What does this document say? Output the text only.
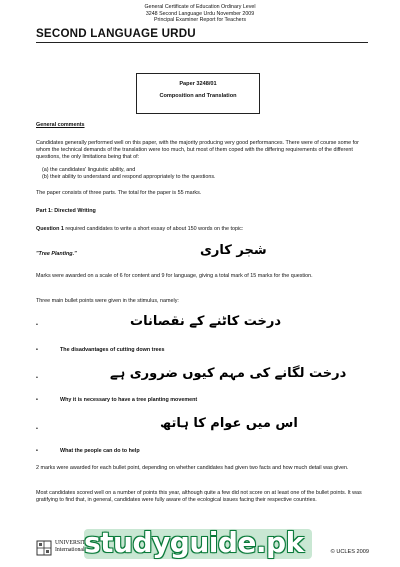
General Certificate of Education Ordinary Level
3248 Second Language Urdu November 2009
Principal Examiner Report for Teachers
SECOND LANGUAGE URDU
Paper 3248/01
Composition and Translation
General comments
Candidates generally performed well on this paper, with the majority producing very good performances. There were of course some for whom the technical demands of the translation were too much, but most of them coped with the differing requirements of the different questions, the only limitations being that of:
(a) the candidates' linguistic ability, and
(b) their ability to understand and respond appropriately to the questions.
The paper consists of three parts. The total for the paper is 55 marks.
Part 1: Directed Writing
Question 1 required candidates to write a short essay of about 150 words on the topic:
"Tree Planting."	شجر کاری
Marks were awarded on a scale of 6 for content and 9 for language, giving a total mark of 15 marks for the question.
Three main bullet points were given in the stimulus, namely:
•	درخت کاٹنے کے نقصانات
•	The disadvantages of cutting down trees
•	درخت لگانے کی مہم کیوں ضروری ہے
•	Why it is necessary to have a tree planting movement
•	اس میں عوام کا ہاتھ
•	What the people can do to help
2 marks were awarded for each bullet point, depending on whether candidates had given two facts and how much detail was given.
Most candidates scored well on a number of points this year, although quite a few did not score on at least one of the bullet points. It was gratifying to find that, in general, candidates were fully aware of the ecological issues facing their respective countries.
UNIVERSITY
International studyguide.pk	© UCLES 2009
